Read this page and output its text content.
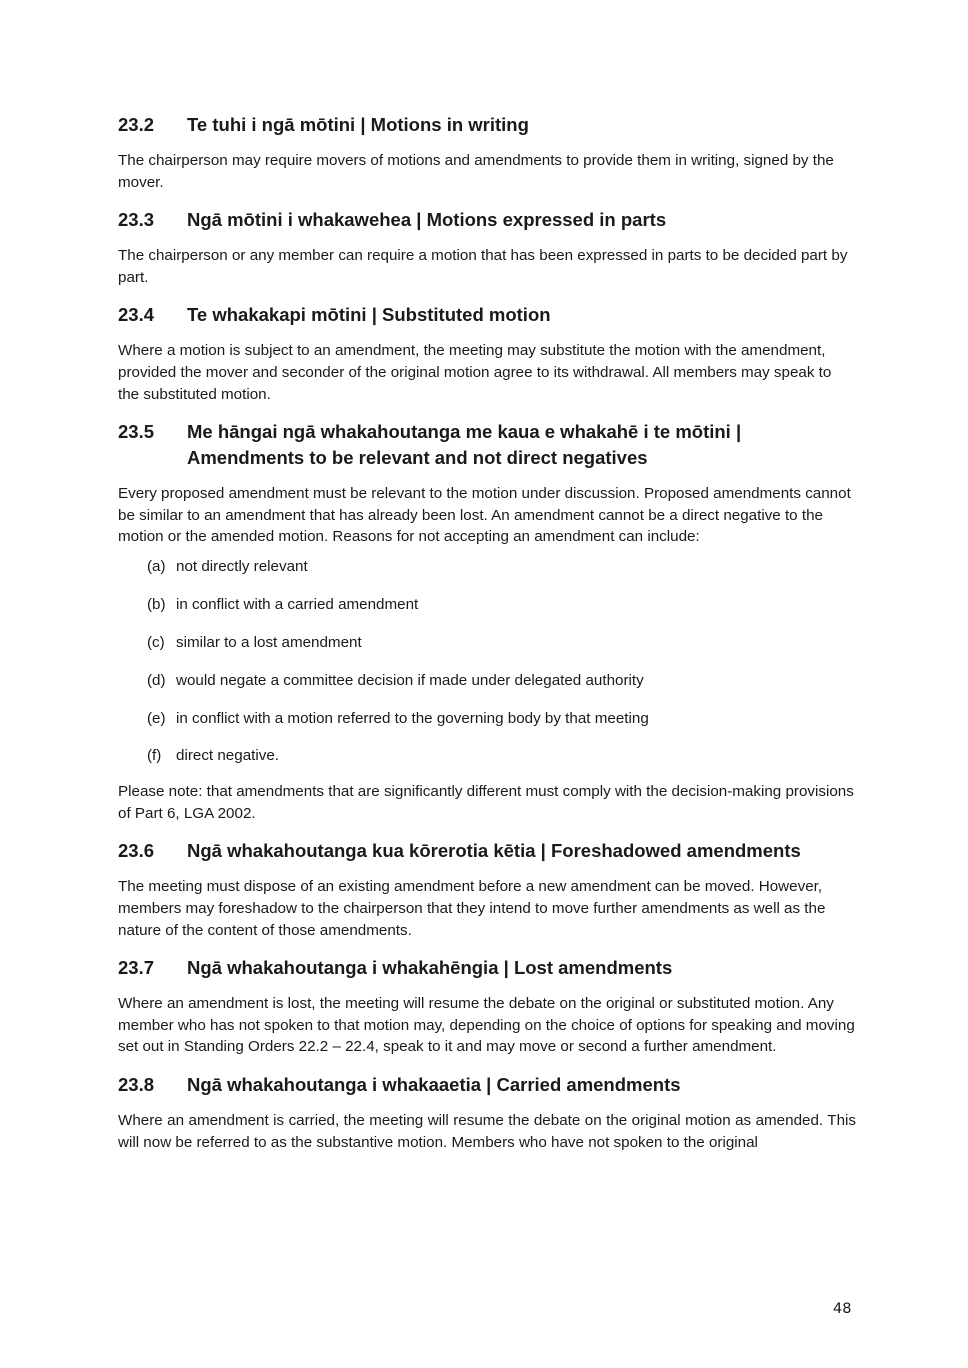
23.2	Te tuhi i ngā mōtini | Motions in writing

The chairperson may require movers of motions and amendments to provide them in writing, signed by the mover.

23.3	Ngā mōtini i whakawehea | Motions expressed in parts

The chairperson or any member can require a motion that has been expressed in parts to be decided part by part.

23.4	Te whakakapi mōtini | Substituted motion

Where a motion is subject to an amendment, the meeting may substitute the motion with the amendment, provided the mover and seconder of the original motion agree to its withdrawal. All members may speak to the substituted motion.

23.5	Me hāngai ngā whakahoutanga me kaua e whakahē i te mōtini | Amendments to be relevant and not direct negatives

Every proposed amendment must be relevant to the motion under discussion. Proposed amendments cannot be similar to an amendment that has already been lost. An amendment cannot be a direct negative to the motion or the amended motion. Reasons for not accepting an amendment can include:

(a) not directly relevant
(b) in conflict with a carried amendment
(c) similar to a lost amendment
(d) would negate a committee decision if made under delegated authority
(e) in conflict with a motion referred to the governing body by that meeting
(f) direct negative.

Please note: that amendments that are significantly different must comply with the decision-making provisions of Part 6, LGA 2002.

23.6	Ngā whakahoutanga kua kōrerotia kētia | Foreshadowed amendments

The meeting must dispose of an existing amendment before a new amendment can be moved. However, members may foreshadow to the chairperson that they intend to move further amendments as well as the nature of the content of those amendments.

23.7	Ngā whakahoutanga i whakahēngia | Lost amendments

Where an amendment is lost, the meeting will resume the debate on the original or substituted motion. Any member who has not spoken to that motion may, depending on the choice of options for speaking and moving set out in Standing Orders 22.2 – 22.4, speak to it and may move or second a further amendment.

23.8	Ngā whakahoutanga i whakaaetia | Carried amendments

Where an amendment is carried, the meeting will resume the debate on the original motion as amended. This will now be referred to as the substantive motion. Members who have not spoken to the original

48
